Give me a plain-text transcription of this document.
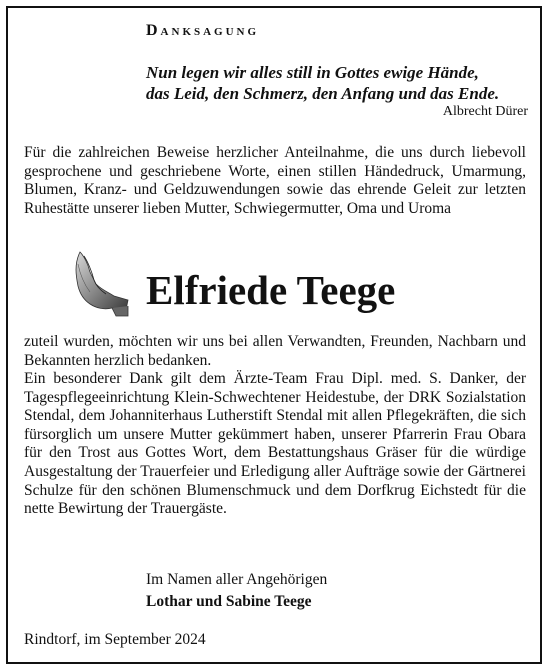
Danksagung
Nun legen wir alles still in Gottes ewige Hände,
das Leid, den Schmerz, den Anfang und das Ende.
Albrecht Dürer
Für die zahlreichen Beweise herzlicher Anteilnahme, die uns durch liebevoll gesprochene und geschriebene Worte, einen stillen Händedruck, Umarmung, Blumen, Kranz- und Geldzuwendungen sowie das ehrende Geleit zur letzten Ruhestätte unserer lieben Mutter, Schwiegermutter, Oma und Uroma
Elfriede Teege
zuteil wurden, möchten wir uns bei allen Verwandten, Freunden, Nachbarn und Bekannten herzlich bedanken.
Ein besonderer Dank gilt dem Ärzte-Team Frau Dipl. med. S. Danker, der Tagespflegeeinrichtung Klein-Schwechtener Heidestube, der DRK Sozialstation Stendal, dem Johanniterhaus Lutherstift Stendal mit allen Pflegekräften, die sich fürsorglich um unsere Mutter gekümmert haben, unserer Pfarrerin Frau Obara für den Trost aus Gottes Wort, dem Bestattungshaus Gräser für die würdige Ausgestaltung der Trauerfeier und Erledigung aller Aufträge sowie der Gärtnerei Schulze für den schönen Blumenschmuck und dem Dorfkrug Eichstedt für die nette Bewirtung der Trauergäste.
Im Namen aller Angehörigen
Lothar und Sabine Teege
Rindtorf, im September 2024
